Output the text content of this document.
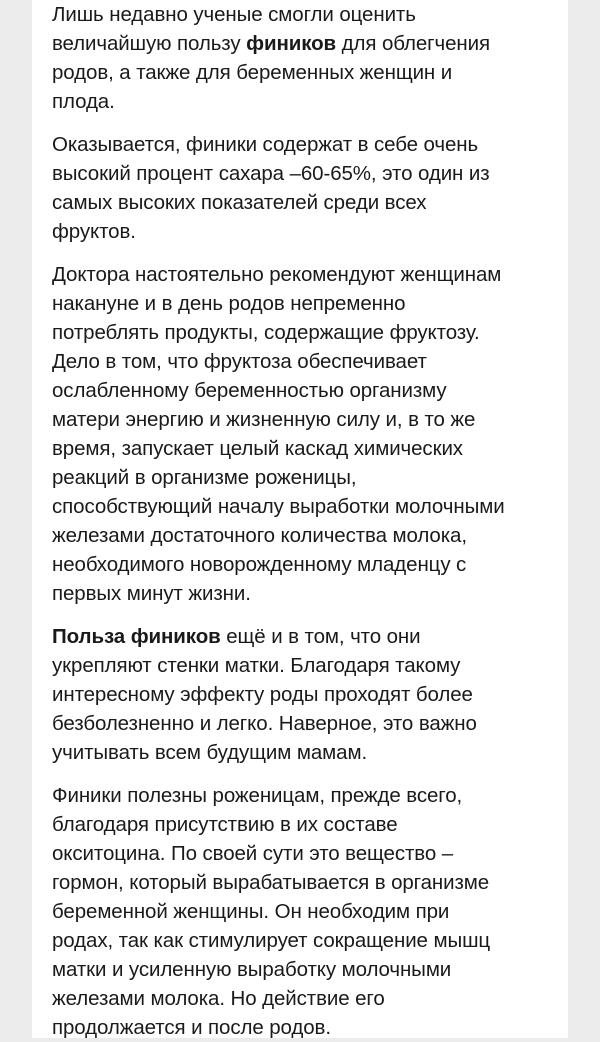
Лишь недавно ученые смогли оценить
величайшую пользу фиников для облегчения
родов, а также для беременных женщин и
плода.

Оказывается, финики содержат в себе очень
высокий процент сахара –60-65%, это один из
самых высоких показателей среди всех
фруктов.

Доктора настоятельно рекомендуют женщинам
накануне и в день родов непременно
потреблять продукты, содержащие фруктозу.
Дело в том, что фруктоза обеспечивает
ослабленному беременностью организму
матери энергию и жизненную силу и, в то же
время, запускает целый каскад химических
реакций в организме роженицы,
способствующий началу выработки молочными
железами достаточного количества молока,
необходимого новорожденному младенцу с
первых минут жизни.

Польза фиников ещё и в том, что они
укрепляют стенки матки. Благодаря такому
интересному эффекту роды проходят более
безболезненно и легко. Наверное, это важно
учитывать всем будущим мамам.

Финики полезны роженицам, прежде всего,
благодаря присутствию в их составе
окситоцина. По своей сути это вещество –
гормон, который вырабатывается в организме
беременной женщины. Он необходим при
родах, так как стимулирует сокращение мышц
матки и усиленную выработку молочными
железами молока. Но действие его
продолжается и после родов.
